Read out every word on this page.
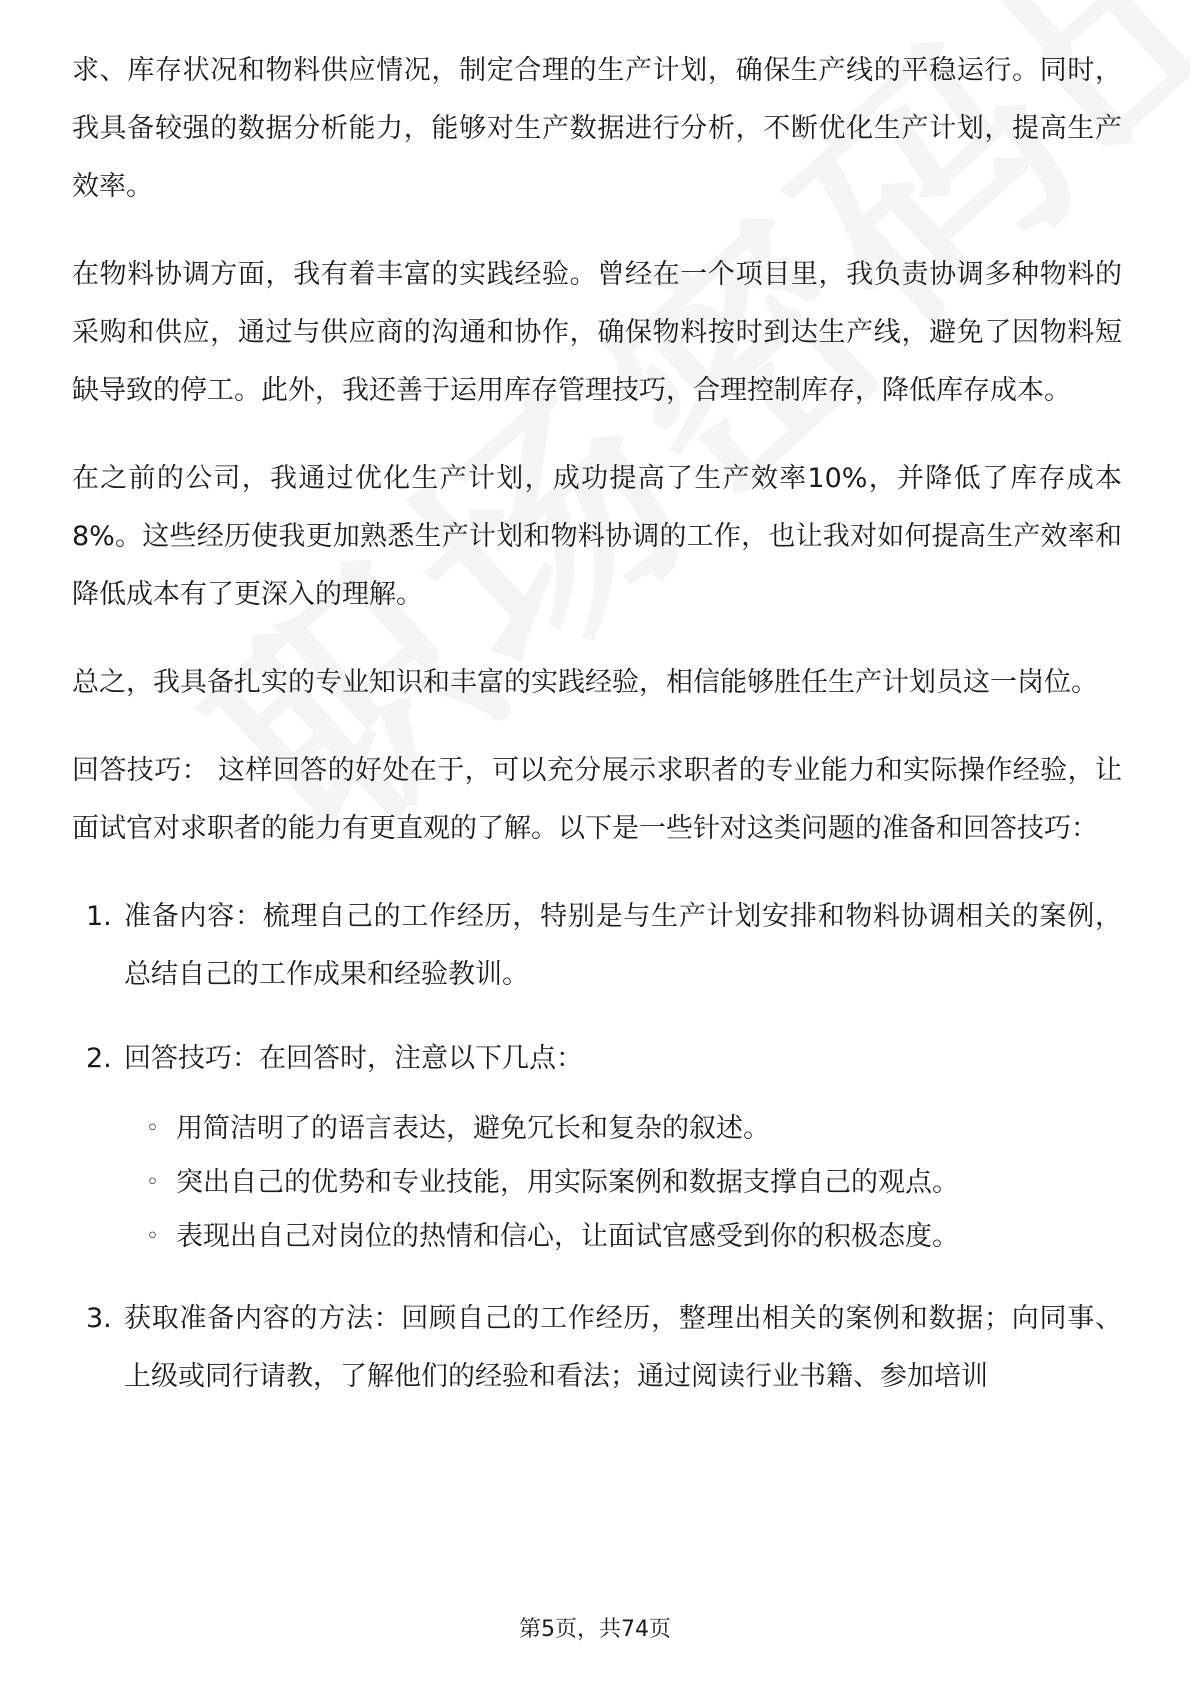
求、库存状况和物料供应情况，制定合理的生产计划，确保生产线的平稳运行。同时，我具备较强的数据分析能力，能够对生产数据进行分析，不断优化生产计划，提高生产效率。

在物料协调方面，我有着丰富的实践经验。曾经在一个项目里，我负责协调多种物料的采购和供应，通过与供应商的沟通和协作，确保物料按时到达生产线，避免了因物料短缺导致的停工。此外，我还善于运用库存管理技巧，合理控制库存，降低库存成本。

在之前的公司，我通过优化生产计划，成功提高了生产效率10%，并降低了库存成本8%。这些经历使我更加熟悉生产计划和物料协调的工作，也让我对如何提高生产效率和降低成本有了更深入的理解。

总之，我具备扎实的专业知识和丰富的实践经验，相信能够胜任生产计划员这一岗位。

回答技巧： 这样回答的好处在于，可以充分展示求职者的专业能力和实际操作经验，让面试官对求职者的能力有更直观的了解。以下是一些针对这类问题的准备和回答技巧：

1. 准备内容：梳理自己的工作经历，特别是与生产计划安排和物料协调相关的案例，总结自己的工作成果和经验教训。
2. 回答技巧：在回答时，注意以下几点：
◦ 用简洁明了的语言表达，避免冗长和复杂的叙述。
◦ 突出自己的优势和专业技能，用实际案例和数据支撑自己的观点。
◦ 表现出自己对岗位的热情和信心，让面试官感受到你的积极态度。
3. 获取准备内容的方法：回顾自己的工作经历，整理出相关的案例和数据；向同事、上级或同行请教，了解他们的经验和看法；通过阅读行业书籍、参加培训
第5页，共74页
